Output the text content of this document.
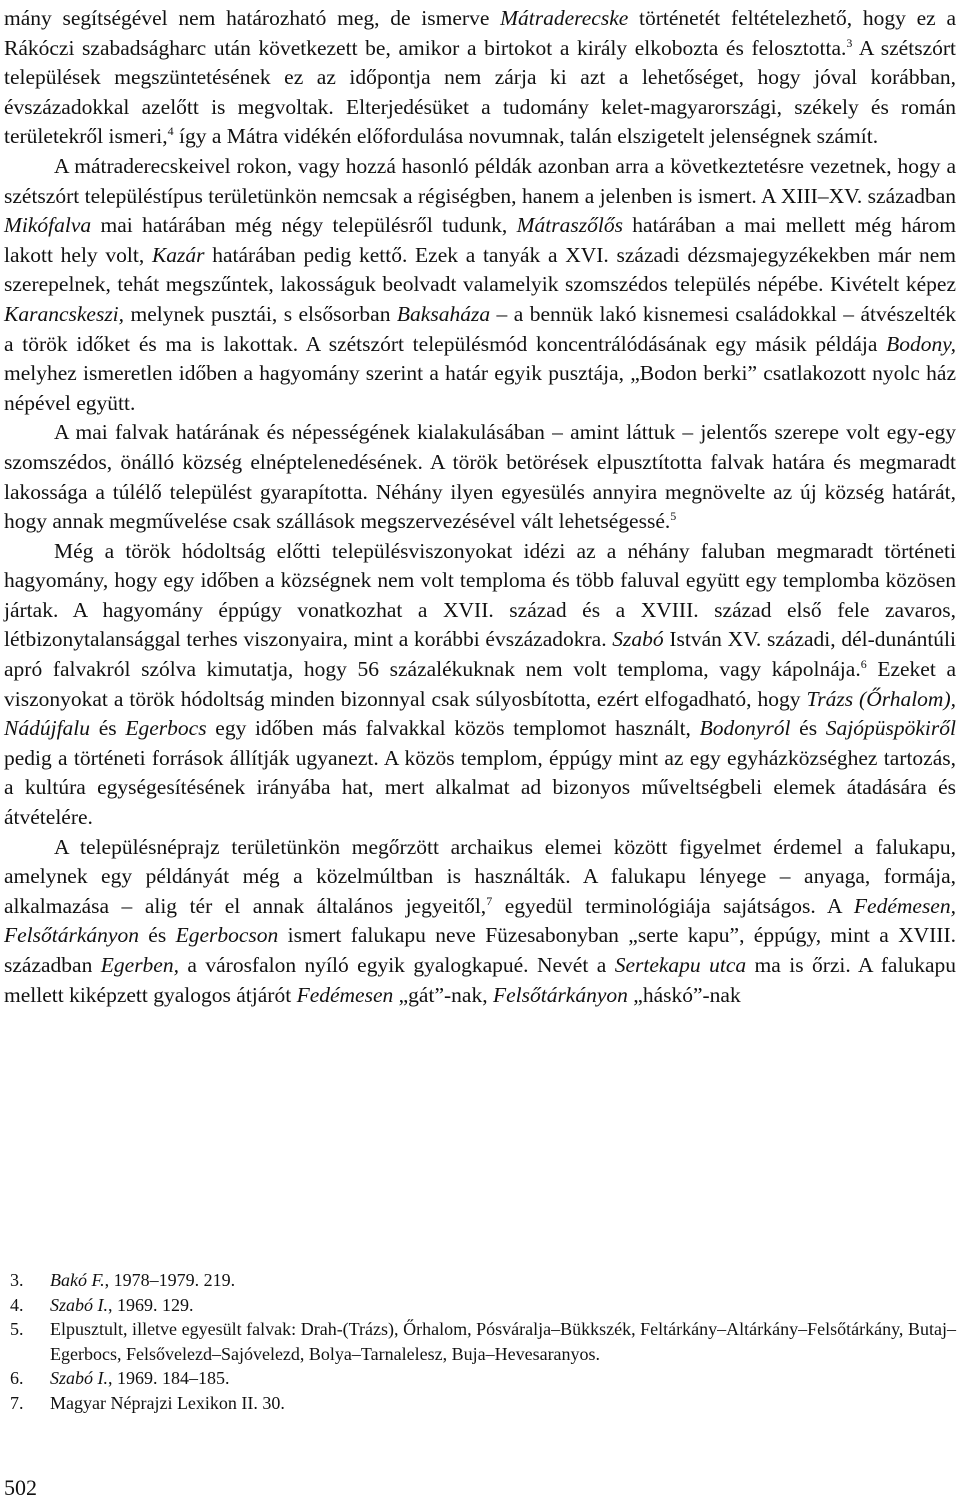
mány segítségével nem határozható meg, de ismerve Mátraderecske történetét feltételezhető, hogy ez a Rákóczi szabadságharc után következett be, amikor a birtokot a király elkobozta és felosztotta.$^3$ A szétszórt települések megszüntetésének ez az időpontja nem zárja ki azt a lehetőséget, hogy jóval korábban, évszázadokkal azelőtt is megvoltak. Elterjedésüket a tudomány kelet-magyarországi, székely és román területekről ismeri,$^4$ így a Mátra vidékén előfordulása novumnak, talán elszigetelt jelenségnek számít.

A mátraderecskeivel rokon, vagy hozzá hasonló példák azonban arra a következtetésre vezetnek, hogy a szétszórt településtípus területünkön nemcsak a régiségben, hanem a jelenben is ismert. A XIII–XV. században Mikófalva mai határában még négy településről tudunk, Mátraszőlős határában a mai mellett még három lakott hely volt, Kazár határában pedig kettő. Ezek a tanyák a XVI. századi dézsmajegyzékekben már nem szerepelnek, tehát megszűntek, lakosságuk beolvadt valamelyik szomszédos település népébe. Kivételt képez Karancskeszi, melynek pusztái, s elsősorban Baksaháza – a bennük lakó kisnemesi családokkal – átvészelték a török időket és ma is lakottak. A szétszórt településmód koncentrálódásának egy másik példája Bodony, melyhez ismeretlen időben a hagyomány szerint a határ egyik pusztája, „Bodon berki” csatlakozott nyolc ház népével együtt.

A mai falvak határának és népességének kialakulásában – amint láttuk – jelentős szerepe volt egy-egy szomszédos, önálló község elnéptelenedésének. A török betörések elpusztította falvak határa és megmaradt lakossága a túlélő települést gyarapította. Néhány ilyen egyesülés annyira megnövelte az új község határát, hogy annak megművelése csak szállások megszervezésével vált lehetségessé.$^5$

Még a török hódoltság előtti településviszonyokat idézi az a néhány faluban megmaradt történeti hagyomány, hogy egy időben a községnek nem volt temploma és több faluval együtt egy templomba közösen jártak. A hagyomány éppúgy vonatkozhat a XVII. század és a XVIII. század első fele zavaros, létbizonytalansággal terhes viszonyaira, mint a korábbi évszázadokra. Szabó István XV. századi, dél-dunántúli apró falvakról szólva kimutatja, hogy 56 százalékuknak nem volt temploma, vagy kápolnája.$^6$ Ezeket a viszonyokat a török hódoltság minden bizonnyal csak súlyosbította, ezért elfogadható, hogy Trázs (Őrhalom), Nádújfalu és Egerbocs egy időben más falvakkal közös templomot használt, Bodonyról és Sajópüspökiről pedig a történeti források állítják ugyanezt. A közös templom, éppúgy mint az egy egyházközséghez tartozás, a kultúra egységesítésének irányába hat, mert alkalmat ad bizonyos műveltségbeli elemek átadására és átvételére.

A településnéprajz területünkön megőrzött archaikus elemei között figyelmet érdemel a falukapu, amelynek egy példányát még a közelmúltban is használták. A falukapu lényege – anyaga, formája, alkalmazása – alig tér el annak általános jegyeitől,$^7$ egyedül terminológiája sajátságos. A Fedémesen, Felsőtárkányon és Egerbocson ismert falukapu neve Füzesabonyban „serte kapu”, éppúgy, mint a XVIII. században Egerben, a városfalon nyíló egyik gyalogkapué. Nevét a Sertekapu utca ma is őrzi. A falukapu mellett kiképzett gyalogos átjárót Fedémesen „gát”-nak, Felsőtárkányon „háskó”-nak

3.	Bakó F., 1978–1979. 219.
4.	Szabó I., 1969. 129.
5.	Elpusztult, illetve egyesült falvak: Drah-(Trázs), Őrhalom, Pósváralja–Bükkszék, Feltárkány–Altárkány–Felsőtárkány, Butaj–Egerbocs, Felsővelezd–Sajóvelezd, Bolya–Tarnalelesz, Buja–Hevesaranyos.
6.	Szabó I., 1969. 184–185.
7.	Magyar Néprajzi Lexikon II. 30.
502
